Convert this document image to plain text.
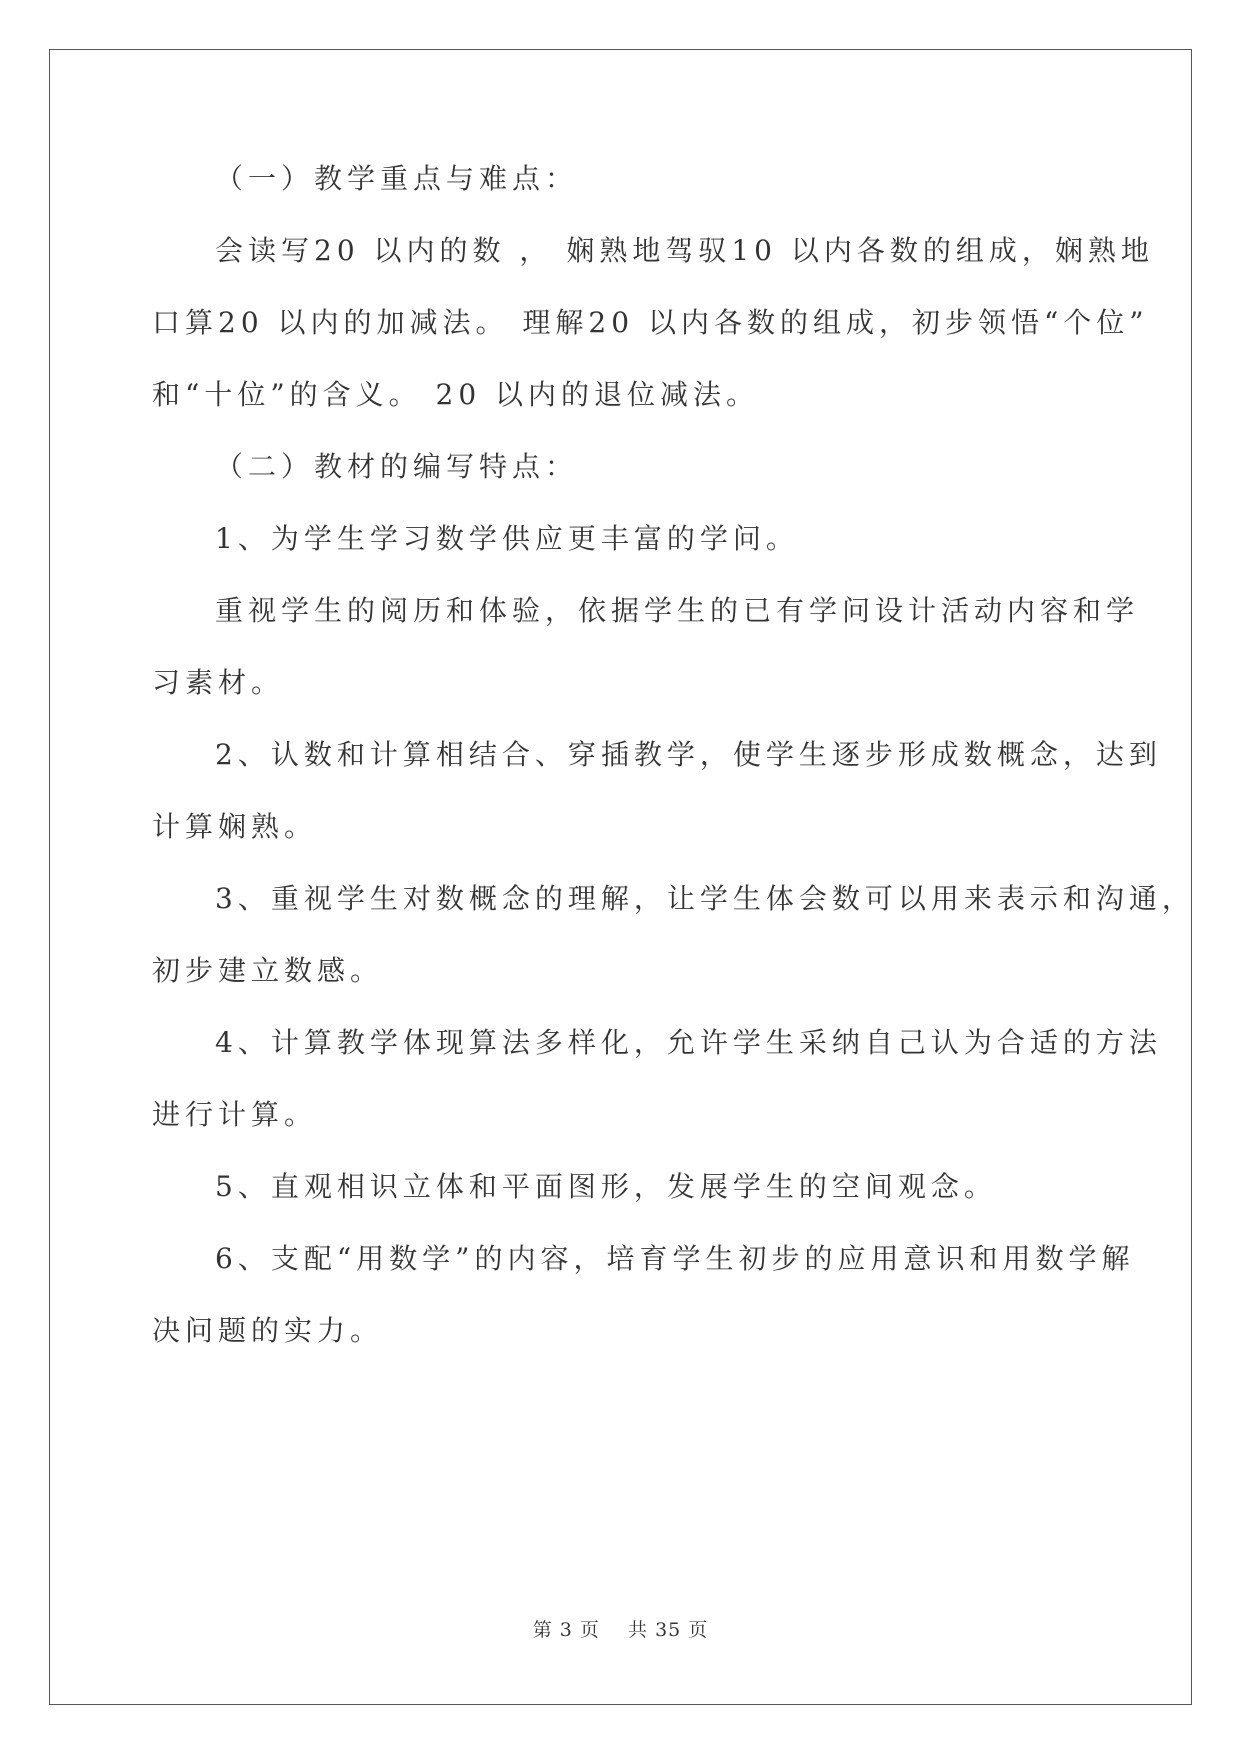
（一）教学重点与难点：
会读写20 以内的数 ， 娴熟地驾驭10 以内各数的组成，娴熟地
口算20 以内的加减法。 理解20 以内各数的组成，初步领悟“个位”
和“十位”的含义。 20 以内的退位减法。
（二）教材的编写特点：
1、为学生学习数学供应更丰富的学问。
重视学生的阅历和体验，依据学生的已有学问设计活动内容和学
习素材。
2、认数和计算相结合、穿插教学，使学生逐步形成数概念，达到
计算娴熟。
3、重视学生对数概念的理解，让学生体会数可以用来表示和沟通，
初步建立数感。
4、计算教学体现算法多样化，允许学生采纳自己认为合适的方法
进行计算。
5、直观相识立体和平面图形，发展学生的空间观念。
6、支配“用数学”的内容，培育学生初步的应用意识和用数学解
决问题的实力。
第 3 页    共 35 页
